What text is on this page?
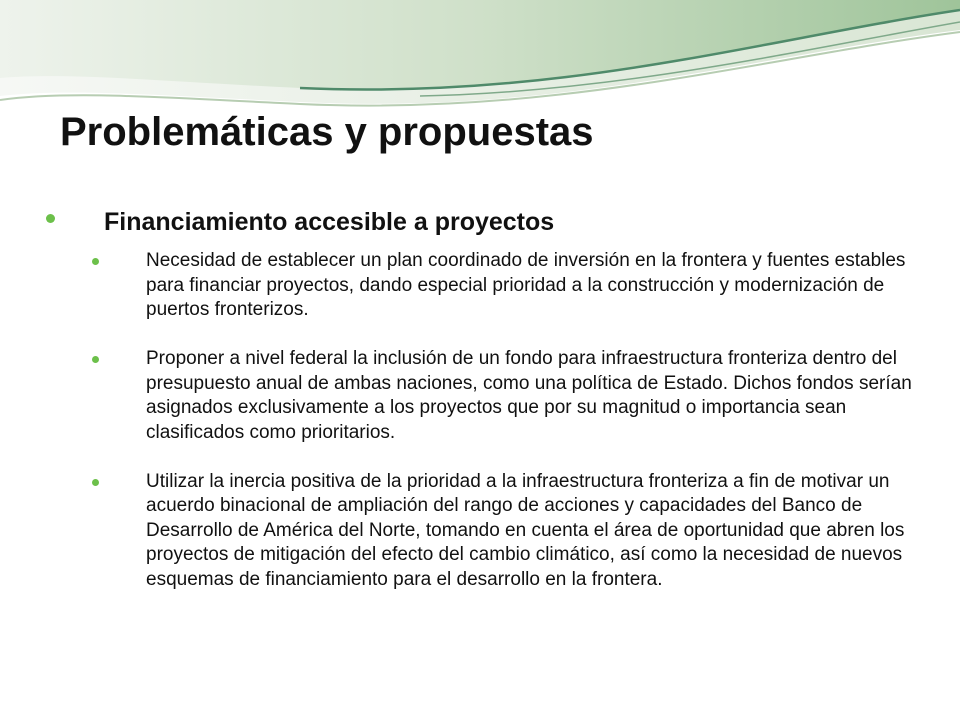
Problemáticas y propuestas
Financiamiento accesible a proyectos
Necesidad de establecer un plan coordinado de inversión en la frontera y fuentes estables para financiar proyectos, dando especial prioridad a la construcción y modernización de puertos fronterizos.
Proponer a nivel federal la inclusión de un fondo para infraestructura fronteriza dentro del presupuesto anual de ambas naciones, como una política de Estado. Dichos fondos serían asignados exclusivamente a los proyectos que por su magnitud o importancia sean clasificados como prioritarios.
Utilizar la inercia positiva de la prioridad a la infraestructura fronteriza a fin de motivar un acuerdo binacional de ampliación del rango de acciones y capacidades del Banco de Desarrollo de América del Norte, tomando en cuenta el área de oportunidad que abren los proyectos de mitigación del efecto del cambio climático, así como la necesidad de nuevos esquemas de financiamiento para el desarrollo en la frontera.
